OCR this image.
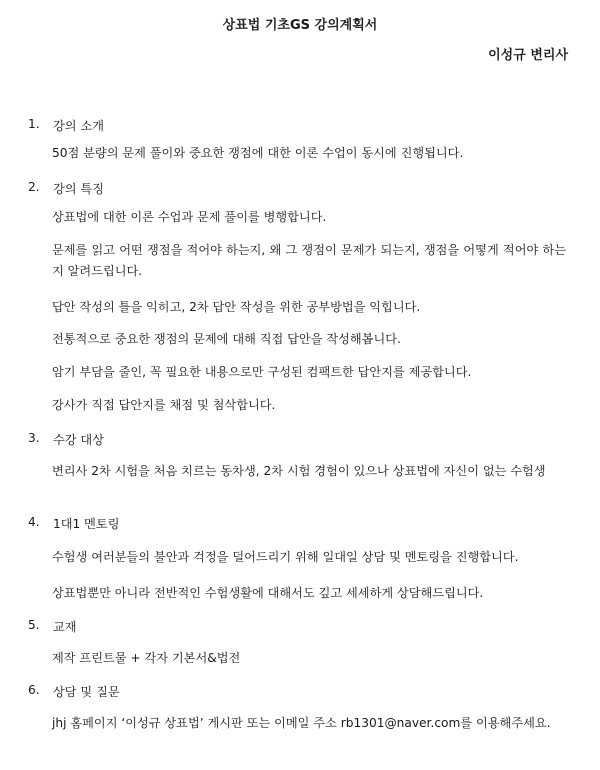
상표법 기초GS 강의계획서
이성규 변리사
1.	강의 소개
50점 분량의 문제 풀이와 중요한 쟁점에 대한 이론 수업이 동시에 진행됩니다.
2.	강의 특징
상표법에 대한 이론 수업과 문제 풀이를 병행합니다.
문제를 읽고 어떤 쟁점을 적어야 하는지, 왜 그 쟁점이 문제가 되는지, 쟁점을 어떻게 적어야 하는지 알려드립니다.
답안 작성의 틀을 익히고, 2차 답안 작성을 위한 공부방법을 익힙니다.
전통적으로 중요한 쟁점의 문제에 대해 직접 답안을 작성해봅니다.
암기 부담을 줄인, 꼭 필요한 내용으로만 구성된 컴팩트한 답안지를 제공합니다.
강사가 직접 답안지를 채점 및 첨삭합니다.
3.	수강 대상
변리사 2차 시험을 처음 치르는 동차생, 2차 시험 경험이 있으나 상표법에 자신이 없는 수험생
4.	1대1 멘토링
수험생 여러분들의 불안과 걱정을 덜어드리기 위해 일대일 상담 및 멘토링을 진행합니다.
상표법뿐만 아니라 전반적인 수험생활에 대해서도 깊고 세세하게 상담해드립니다.
5.	교재
제작 프린트물 + 각자 기본서&법전
6.	상담 및 질문
jhj 홈페이지 ‘이성규 상표법’ 게시판 또는 이메일 주소 rb1301@naver.com를 이용해주세요.
